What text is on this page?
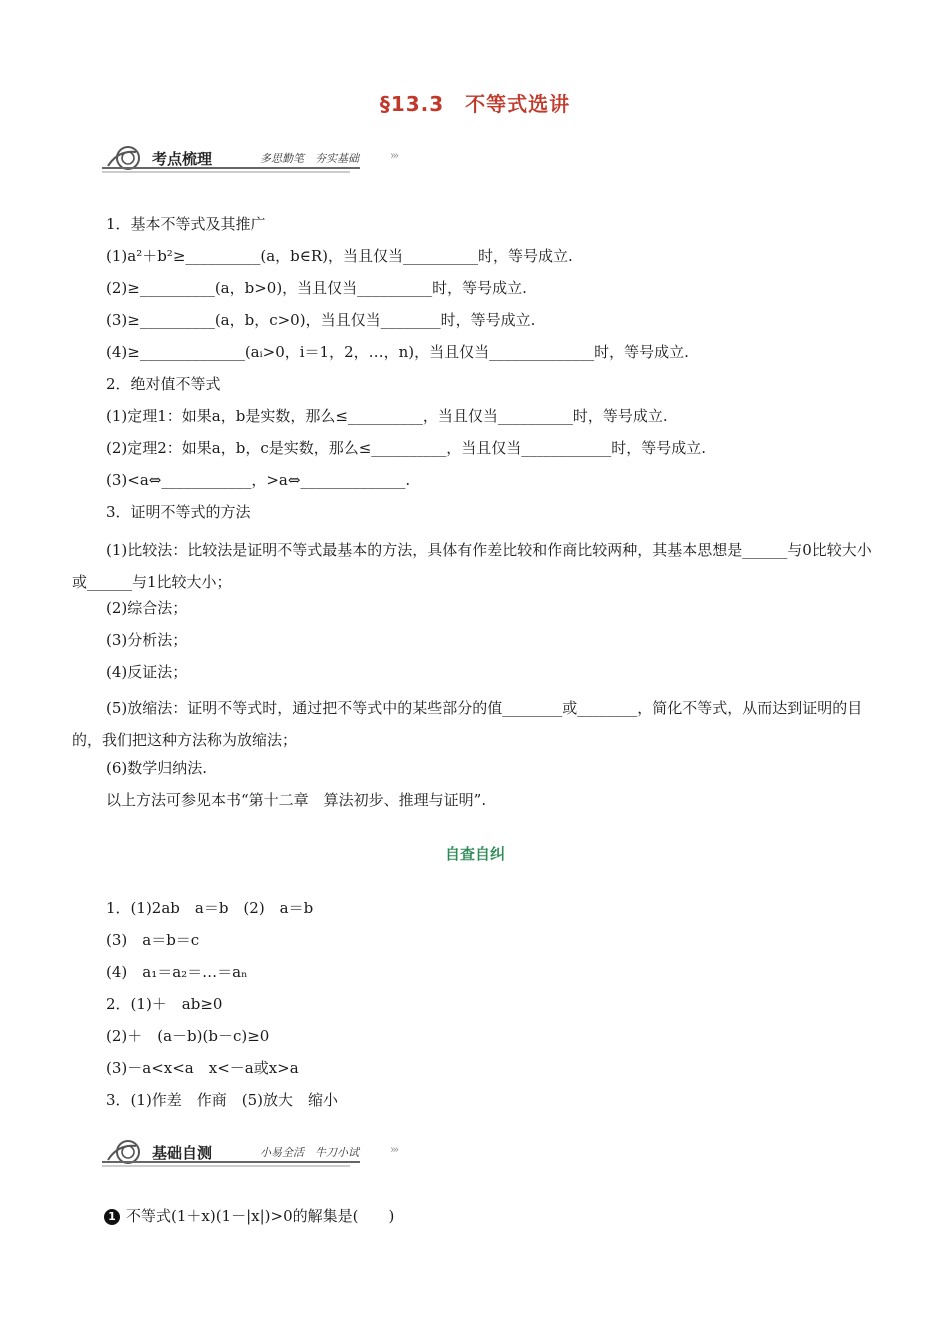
§13.3　不等式选讲
考点梳理	多思勤笔　夯实基础	›››
1．基本不等式及其推广
(1)a²＋b²≥__________(a，b∈R)，当且仅当__________时，等号成立.
(2)≥__________(a，b>0)，当且仅当__________时，等号成立.
(3)≥__________(a，b，c>0)，当且仅当________时，等号成立.
(4)≥______________(aᵢ>0，i＝1，2，…，n)，当且仅当______________时，等号成立.
2．绝对值不等式
(1)定理1：如果a，b是实数，那么≤__________，当且仅当__________时，等号成立.
(2)定理2：如果a，b，c是实数，那么≤__________，当且仅当____________时，等号成立.
(3)<a⇔____________，>a⇔______________.
3．证明不等式的方法
(1)比较法：比较法是证明不等式最基本的方法，具体有作差比较和作商比较两种，其基本思想是______与0比较大小或______与1比较大小；
(2)综合法；
(3)分析法；
(4)反证法；
(5)放缩法：证明不等式时，通过把不等式中的某些部分的值________或________，简化不等式，从而达到证明的目的，我们把这种方法称为放缩法；
(6)数学归纳法.
以上方法可参见本书“第十二章　算法初步、推理与证明”.
自查自纠
1．(1)2ab　a＝b　(2)　a＝b
(3)　a＝b＝c
(4)　a₁＝a₂＝…＝aₙ
2．(1)＋　ab≥0
(2)＋　(a－b)(b－c)≥0
(3)－a<x<a　x<－a或x>a
3．(1)作差　作商　(5)放大　缩小
基础自测	小易全活　牛刀小试	›››
1 不等式(1＋x)(1－|x|)>0的解集是(　　)
